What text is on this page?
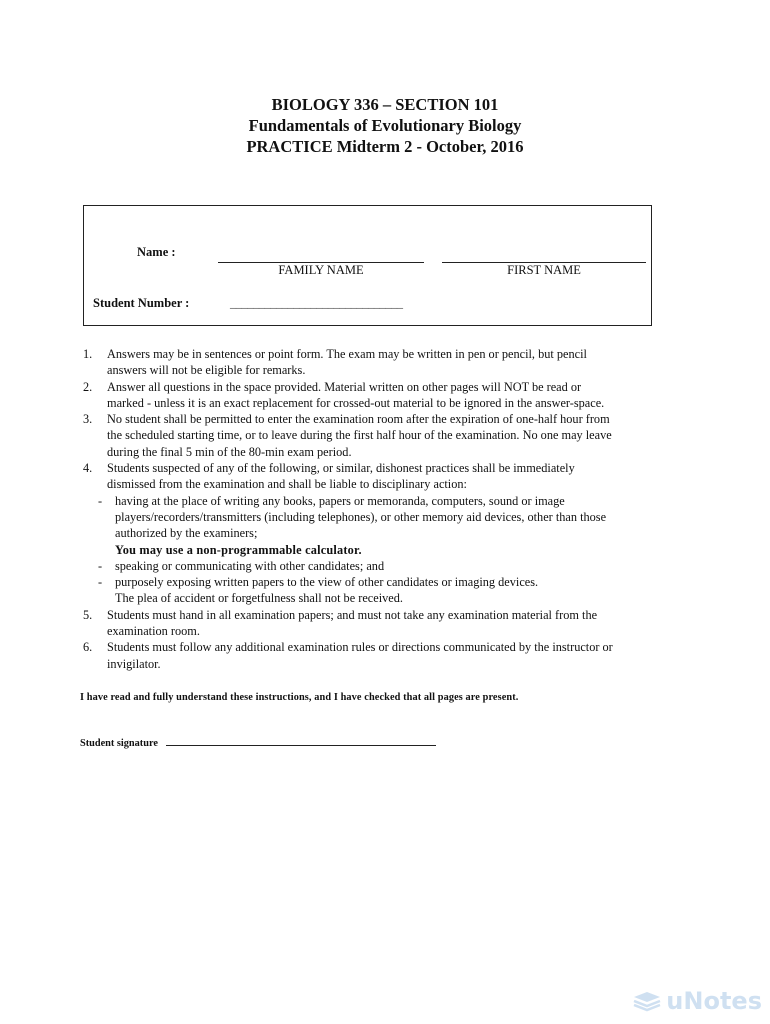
BIOLOGY 336 – SECTION 101
Fundamentals of Evolutionary Biology
PRACTICE Midterm 2 - October, 2016
Name :
FAMILY NAME	FIRST NAME
Student Number :	______________________________
1. Answers may be in sentences or point form. The exam may be written in pen or pencil, but pencil
answers will not be eligible for remarks.
2. Answer all questions in the space provided. Material written on other pages will NOT be read or
marked - unless it is an exact replacement for crossed-out material to be ignored in the answer-space.
3. No student shall be permitted to enter the examination room after the expiration of one-half hour from
the scheduled starting time, or to leave during the first half hour of the examination. No one may leave
during the final 5 min of the 80-min exam period.
4. Students suspected of any of the following, or similar, dishonest practices shall be immediately
dismissed from the examination and shall be liable to disciplinary action:
- having at the place of writing any books, papers or memoranda, computers, sound or image
players/recorders/transmitters (including telephones), or other memory aid devices, other than those
authorized by the examiners;
You may use a non-programmable calculator.
- speaking or communicating with other candidates; and
- purposely exposing written papers to the view of other candidates or imaging devices.
The plea of accident or forgetfulness shall not be received.
5. Students must hand in all examination papers; and must not take any examination material from the
examination room.
6. Students must follow any additional examination rules or directions communicated by the instructor or
invigilator.
I have read and fully understand these instructions, and I have checked that all pages are present.
Student signature
uNotes
